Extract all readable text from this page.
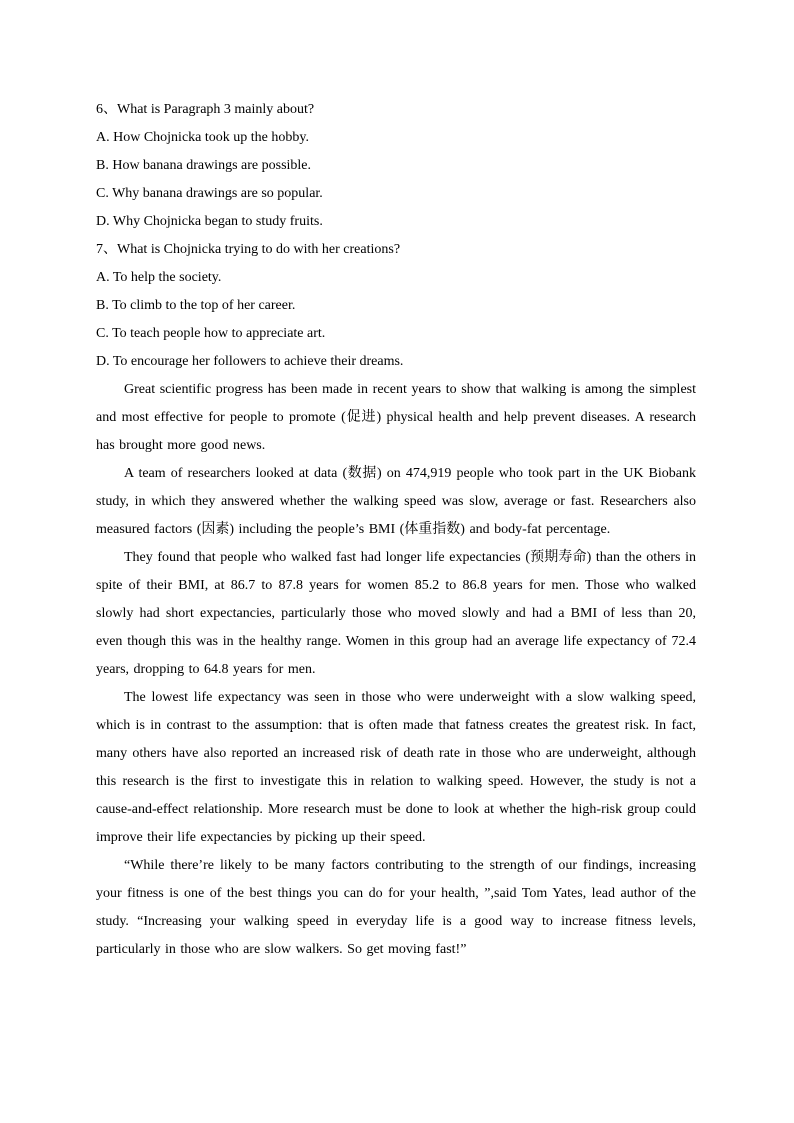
6、What is Paragraph 3 mainly about?
A. How Chojnicka took up the hobby.
B. How banana drawings are possible.
C. Why banana drawings are so popular.
D. Why Chojnicka began to study fruits.
7、What is Chojnicka trying to do with her creations?
A. To help the society.
B. To climb to the top of her career.
C. To teach people how to appreciate art.
D. To encourage her followers to achieve their dreams.

Great scientific progress has been made in recent years to show that walking is among the simplest and most effective for people to promote (促进) physical health and help prevent diseases. A research has brought more good news.

A team of researchers looked at data (数据) on 474,919 people who took part in the UK Biobank study, in which they answered whether the walking speed was slow, average or fast. Researchers also measured factors (因素) including the people’s BMI (体重指数) and body-fat percentage.

They found that people who walked fast had longer life expectancies (预期寿命) than the others in spite of their BMI, at 86.7 to 87.8 years for women 85.2 to 86.8 years for men. Those who walked slowly had short expectancies, particularly those who moved slowly and had a BMI of less than 20, even though this was in the healthy range. Women in this group had an average life expectancy of 72.4 years, dropping to 64.8 years for men.

The lowest life expectancy was seen in those who were underweight with a slow walking speed, which is in contrast to the assumption: that is often made that fatness creates the greatest risk. In fact, many others have also reported an increased risk of death rate in those who are underweight, although this research is the first to investigate this in relation to walking speed. However, the study is not a cause-and-effect relationship. More research must be done to look at whether the high-risk group could improve their life expectancies by picking up their speed.

“While there’re likely to be many factors contributing to the strength of our findings, increasing your fitness is one of the best things you can do for your health, ”,said Tom Yates, lead author of the study. “Increasing your walking speed in everyday life is a good way to increase fitness levels, particularly in those who are slow walkers. So get moving fast!”
